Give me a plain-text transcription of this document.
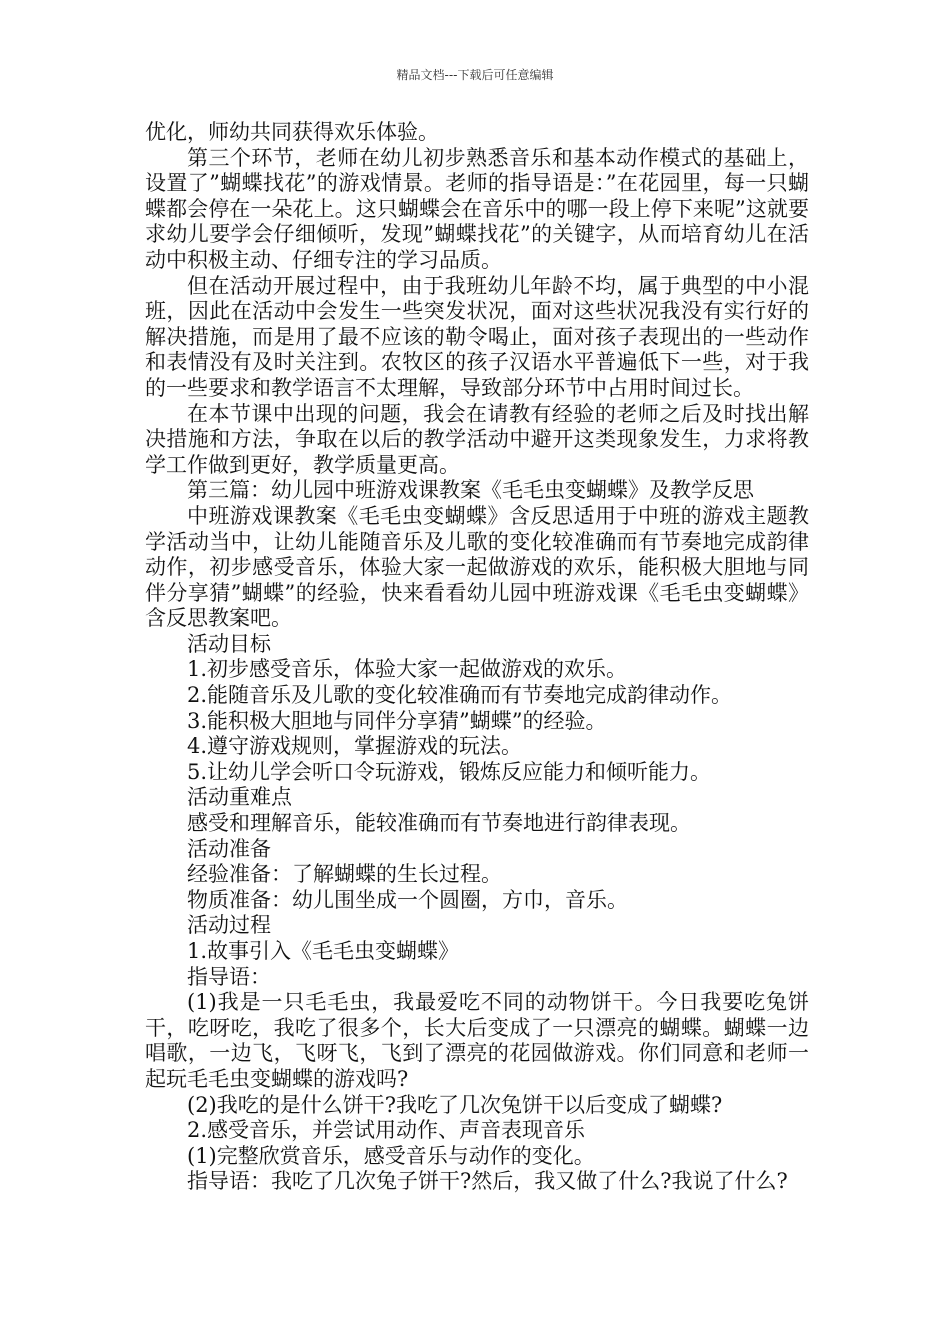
精品文档---下载后可任意编辑

优化，师幼共同获得欢乐体验。

第三个环节，老师在幼儿初步熟悉音乐和基本动作模式的基础上，设置了”蝴蝶找花”的游戏情景。老师的指导语是：”在花园里，每一只蝴蝶都会停在一朵花上。这只蝴蝶会在音乐中的哪一段上停下来呢”这就要求幼儿要学会仔细倾听，发现”蝴蝶找花”的关键字，从而培育幼儿在活动中积极主动、仔细专注的学习品质。

但在活动开展过程中，由于我班幼儿年龄不均，属于典型的中小混班，因此在活动中会发生一些突发状况，面对这些状况我没有实行好的解决措施，而是用了最不应该的勒令喝止，面对孩子表现出的一些动作和表情没有及时关注到。农牧区的孩子汉语水平普遍低下一些，对于我的一些要求和教学语言不太理解，导致部分环节中占用时间过长。

在本节课中出现的问题，我会在请教有经验的老师之后及时找出解决措施和方法，争取在以后的教学活动中避开这类现象发生，力求将教学工作做到更好，教学质量更高。

第三篇：幼儿园中班游戏课教案《毛毛虫变蝴蝶》及教学反思

中班游戏课教案《毛毛虫变蝴蝶》含反思适用于中班的游戏主题教学活动当中，让幼儿能随音乐及儿歌的变化较准确而有节奏地完成韵律动作，初步感受音乐，体验大家一起做游戏的欢乐，能积极大胆地与同伴分享猜”蝴蝶”的经验，快来看看幼儿园中班游戏课《毛毛虫变蝴蝶》含反思教案吧。

活动目标

1.初步感受音乐，体验大家一起做游戏的欢乐。

2.能随音乐及儿歌的变化较准确而有节奏地完成韵律动作。

3.能积极大胆地与同伴分享猜”蝴蝶”的经验。

4.遵守游戏规则，掌握游戏的玩法。

5.让幼儿学会听口令玩游戏，锻炼反应能力和倾听能力。

活动重难点

感受和理解音乐，能较准确而有节奏地进行韵律表现。

活动准备

经验准备：了解蝴蝶的生长过程。

物质准备：幼儿围坐成一个圆圈，方巾，音乐。

活动过程

1.故事引入《毛毛虫变蝴蝶》

指导语：

(1)我是一只毛毛虫，我最爱吃不同的动物饼干。今日我要吃兔饼干，吃呀吃，我吃了很多个，长大后变成了一只漂亮的蝴蝶。蝴蝶一边唱歌，一边飞，飞呀飞，飞到了漂亮的花园做游戏。你们同意和老师一起玩毛毛虫变蝴蝶的游戏吗?

(2)我吃的是什么饼干?我吃了几次兔饼干以后变成了蝴蝶?

2.感受音乐，并尝试用动作、声音表现音乐

(1)完整欣赏音乐，感受音乐与动作的变化。

指导语：我吃了几次兔子饼干?然后，我又做了什么?我说了什么?
